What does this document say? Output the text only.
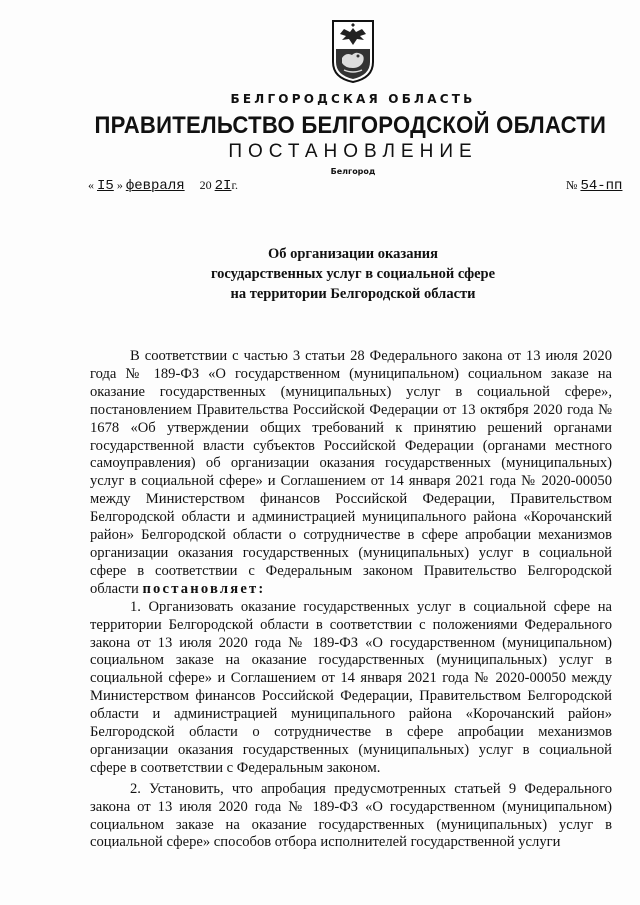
БЕЛГОРОДСКАЯ ОБЛАСТЬ
ПРАВИТЕЛЬСТВО БЕЛГОРОДСКОЙ ОБЛАСТИ
ПОСТАНОВЛЕНИЕ
Белгород
« I5 » февраля 20 2Iг.	№ 54-пп
Об организации оказания
государственных услуг в социальной сфере
на территории Белгородской области

В соответствии с частью 3 статьи 28 Федерального закона от 13 июля 2020 года № 189-ФЗ «О государственном (муниципальном) социальном заказе на оказание государственных (муниципальных) услуг в социальной сфере», постановлением Правительства Российской Федерации от 13 октября 2020 года № 1678 «Об утверждении общих требований к принятию решений органами государственной власти субъектов Российской Федерации (органами местного самоуправления) об организации оказания государственных (муниципальных) услуг в социальной сфере» и Соглашением от 14 января 2021 года № 2020-00050 между Министерством финансов Российской Федерации, Правительством Белгородской области и администрацией муниципального района «Корочанский район» Белгородской области о сотрудничестве в сфере апробации механизмов организации оказания государственных (муниципальных) услуг в социальной сфере в соответствии с Федеральным законом Правительство Белгородской области постановляет:

1. Организовать оказание государственных услуг в социальной сфере на территории Белгородской области в соответствии с положениями Федерального закона от 13 июля 2020 года № 189-ФЗ «О государственном (муниципальном) социальном заказе на оказание государственных (муниципальных) услуг в социальной сфере» и Соглашением от 14 января 2021 года № 2020-00050 между Министерством финансов Российской Федерации, Правительством Белгородской области и администрацией муниципального района «Корочанский район» Белгородской области о сотрудничестве в сфере апробации механизмов организации оказания государственных (муниципальных) услуг в социальной сфере в соответствии с Федеральным законом.

2. Установить, что апробация предусмотренных статьей 9 Федерального закона от 13 июля 2020 года № 189-ФЗ «О государственном (муниципальном) социальном заказе на оказание государственных (муниципальных) услуг в социальной сфере» способов отбора исполнителей государственной услуги
